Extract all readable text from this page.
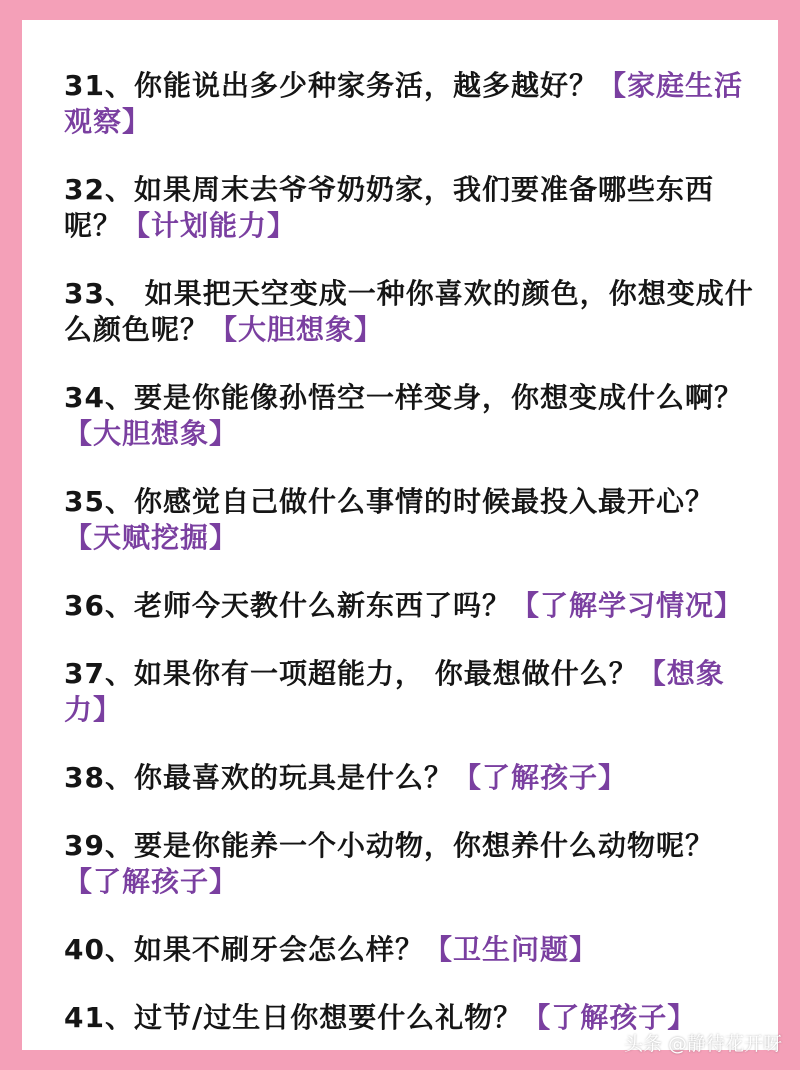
31、你能说出多少种家务活，越多越好？【家庭生活观察】
32、如果周末去爷爷奶奶家，我们要准备哪些东西呢？【计划能力】
33、 如果把天空变成一种你喜欢的颜色，你想变成什么颜色呢？【大胆想象】
34、要是你能像孙悟空一样变身，你想变成什么啊？【大胆想象】
35、你感觉自己做什么事情的时候最投入最开心？【天赋挖掘】
36、老师今天教什么新东西了吗？【了解学习情况】
37、如果你有一项超能力， 你最想做什么？【想象力】
38、你最喜欢的玩具是什么？【了解孩子】
39、要是你能养一个小动物，你想养什么动物呢？【了解孩子】
40、如果不刷牙会怎么样？【卫生问题】
41、过节/过生日你想要什么礼物？【了解孩子】
头条 @静待花开呀
